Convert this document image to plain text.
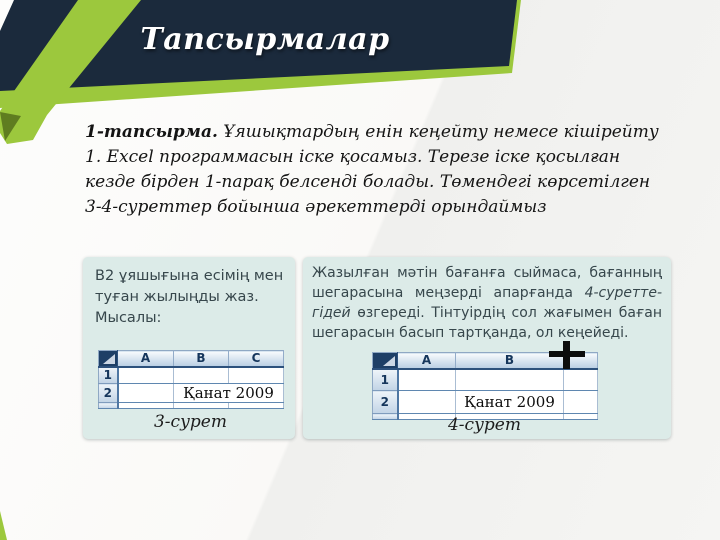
Тапсырмалар
1-тапсырма. Ұяшықтардың енін кеңейту немесе кішірейту
1. Excel программасын іске қосамыз. Терезе іске қосылған
кезде бірден 1-парақ белсенді болады. Төмендегі көрсетілген
3-4-суреттер бойынша әрекеттерді орындаймыз
В2 ұяшығына есімің мен
туған жылыңды жаз.
Мысалы:
	A	B	C
1			
2		Қанат 2009	

3-сурет
Жазылған мәтін бағанға сыймаса, бағанның
шегарасына меңзерді апарғанда 4-суретте-
гідей өзгереді. Тінтуірдің сол жағымен баған
шегарасын басып тартқанда, ол кеңейеді.
	A	B	
1			
2		Қанат 2009	

4-сурет
